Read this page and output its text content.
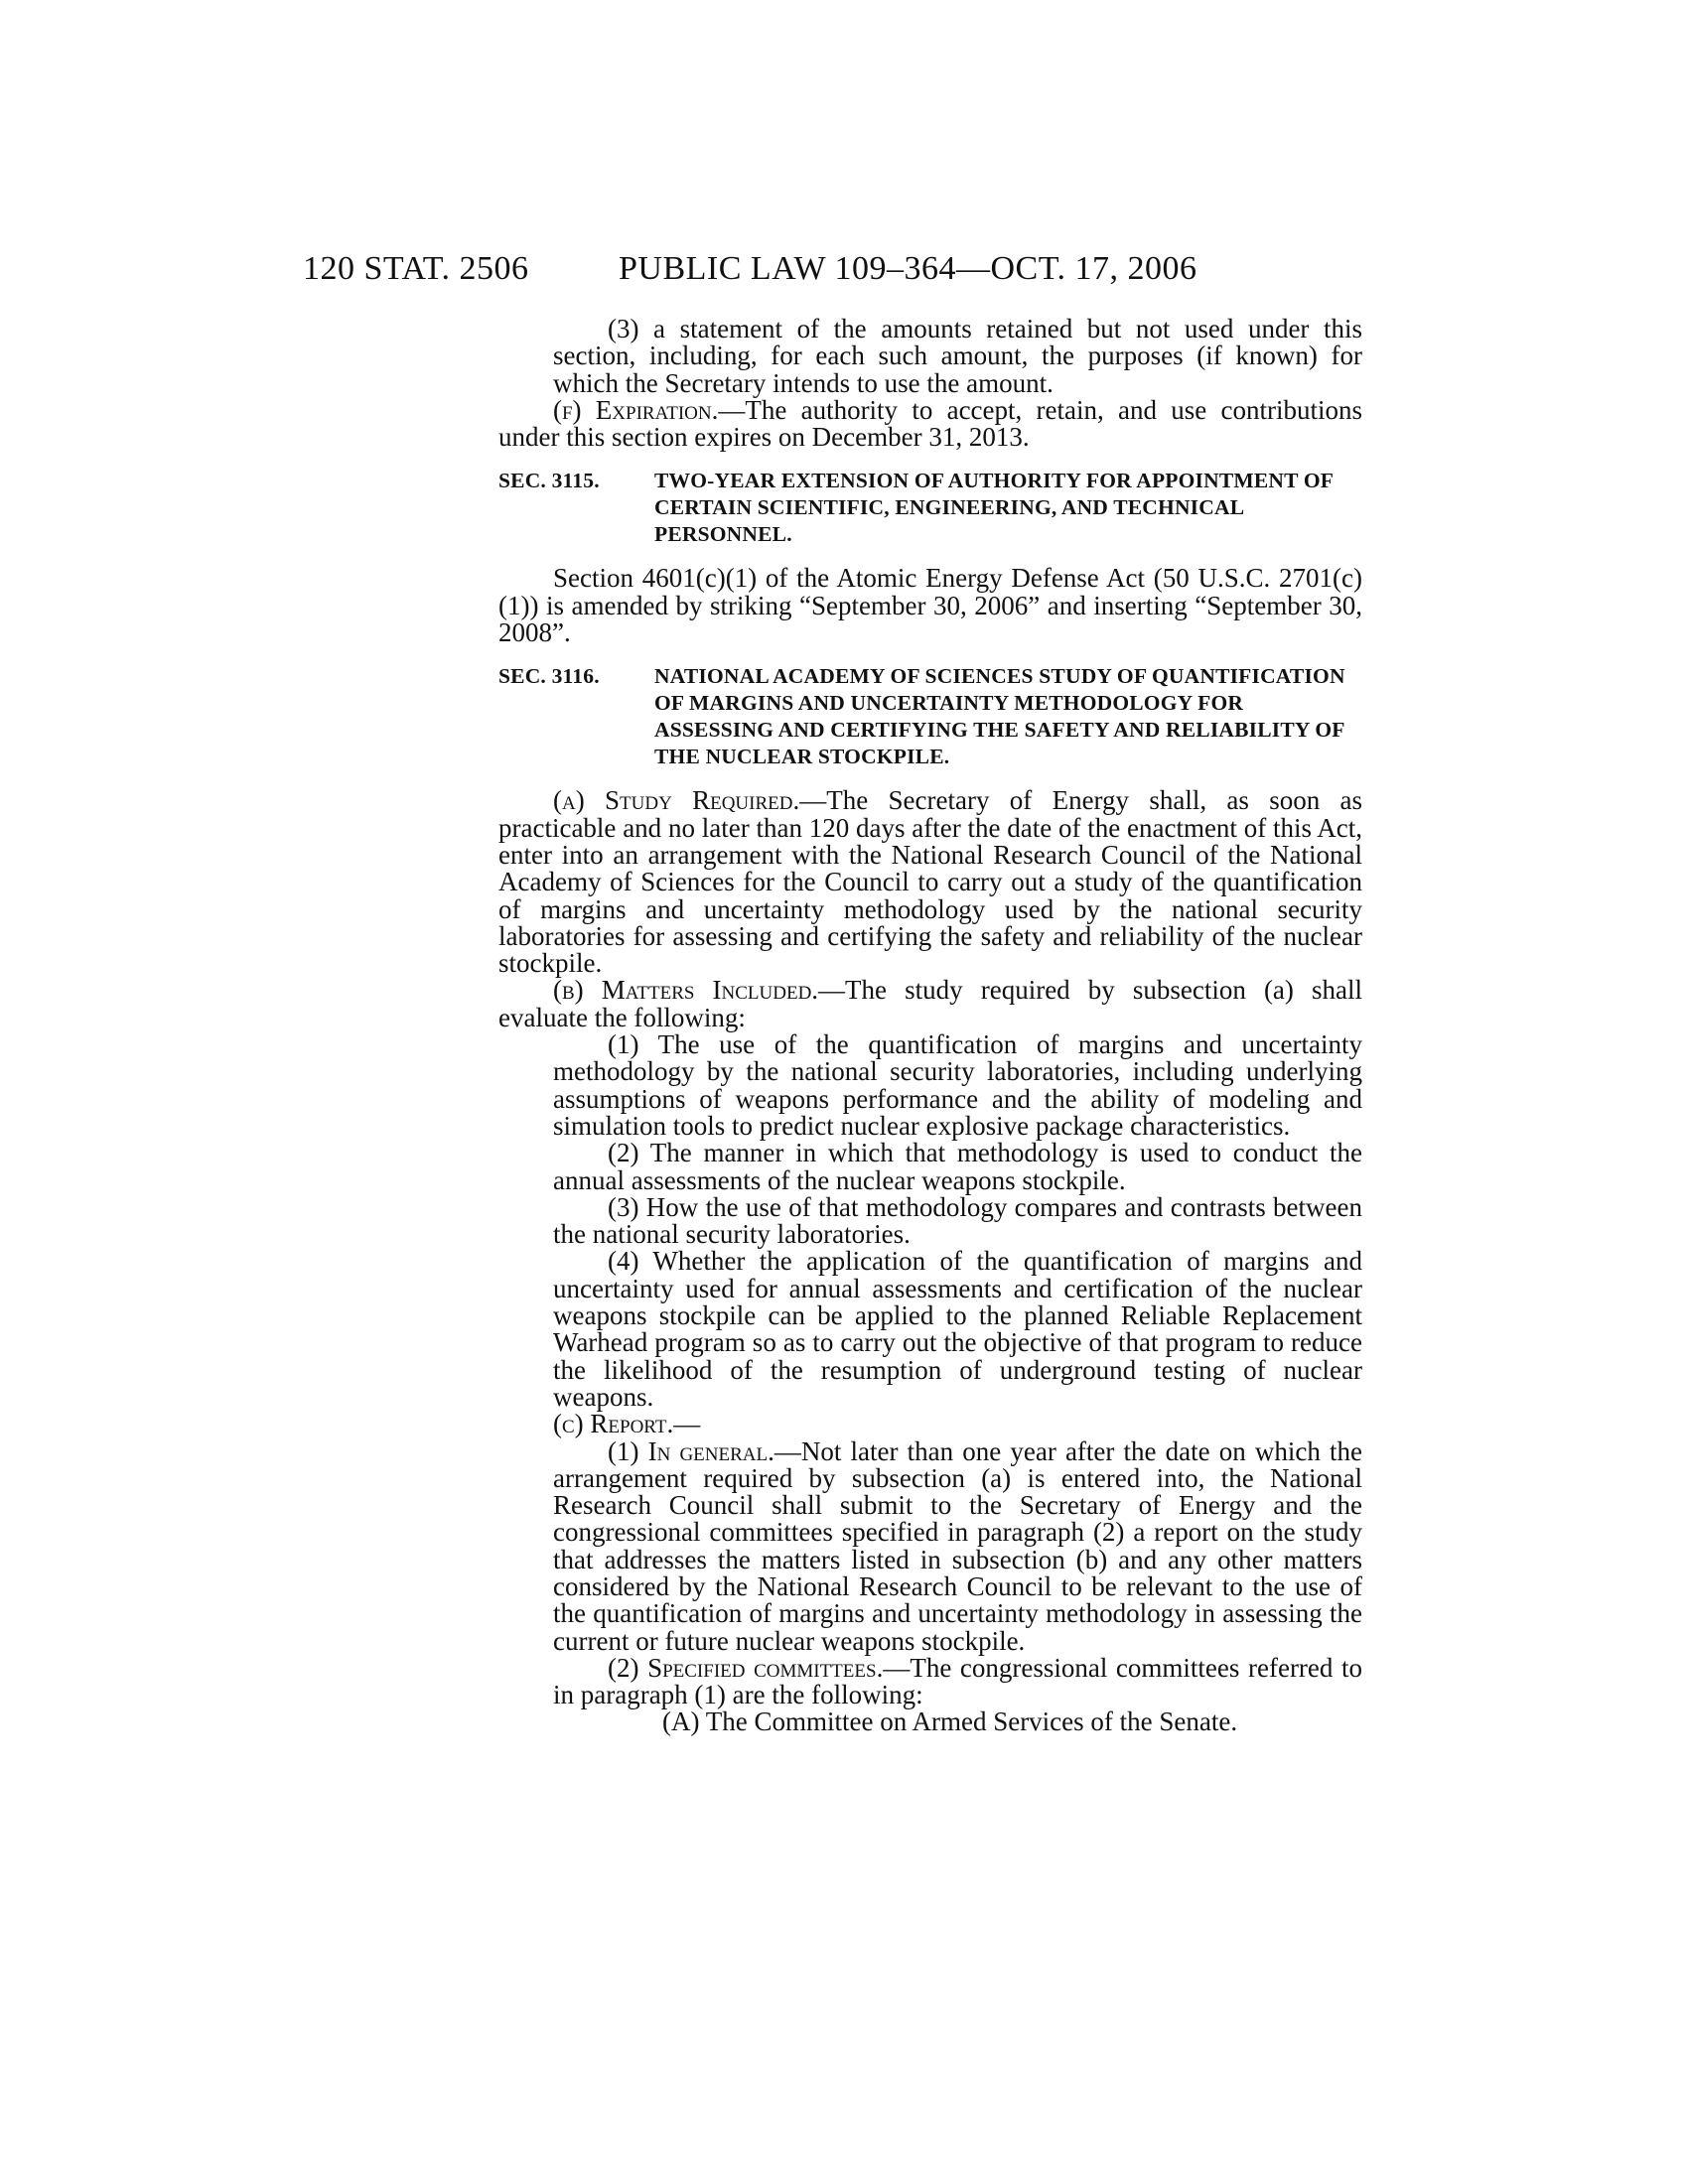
120 STAT. 2506	PUBLIC LAW 109–364—OCT. 17, 2006

(3) a statement of the amounts retained but not used under this section, including, for each such amount, the purposes (if known) for which the Secretary intends to use the amount.

(f) Expiration.—The authority to accept, retain, and use contributions under this section expires on December 31, 2013.

SEC. 3115.	TWO-YEAR EXTENSION OF AUTHORITY FOR APPOINTMENT OF CERTAIN SCIENTIFIC, ENGINEERING, AND TECHNICAL PERSONNEL.

Section 4601(c)(1) of the Atomic Energy Defense Act (50 U.S.C. 2701(c)(1)) is amended by striking “September 30, 2006” and inserting “September 30, 2008”.

SEC. 3116.	NATIONAL ACADEMY OF SCIENCES STUDY OF QUANTIFICATION OF MARGINS AND UNCERTAINTY METHODOLOGY FOR ASSESSING AND CERTIFYING THE SAFETY AND RELIABILITY OF THE NUCLEAR STOCKPILE.

(a) Study Required.—The Secretary of Energy shall, as soon as practicable and no later than 120 days after the date of the enactment of this Act, enter into an arrangement with the National Research Council of the National Academy of Sciences for the Council to carry out a study of the quantification of margins and uncertainty methodology used by the national security laboratories for assessing and certifying the safety and reliability of the nuclear stockpile.

(b) Matters Included.—The study required by subsection (a) shall evaluate the following:

(1) The use of the quantification of margins and uncertainty methodology by the national security laboratories, including underlying assumptions of weapons performance and the ability of modeling and simulation tools to predict nuclear explosive package characteristics.

(2) The manner in which that methodology is used to conduct the annual assessments of the nuclear weapons stockpile.

(3) How the use of that methodology compares and contrasts between the national security laboratories.

(4) Whether the application of the quantification of margins and uncertainty used for annual assessments and certification of the nuclear weapons stockpile can be applied to the planned Reliable Replacement Warhead program so as to carry out the objective of that program to reduce the likelihood of the resumption of underground testing of nuclear weapons.

(c) Report.—

(1) In general.—Not later than one year after the date on which the arrangement required by subsection (a) is entered into, the National Research Council shall submit to the Secretary of Energy and the congressional committees specified in paragraph (2) a report on the study that addresses the matters listed in subsection (b) and any other matters considered by the National Research Council to be relevant to the use of the quantification of margins and uncertainty methodology in assessing the current or future nuclear weapons stockpile.

(2) Specified committees.—The congressional committees referred to in paragraph (1) are the following:

(A) The Committee on Armed Services of the Senate.
